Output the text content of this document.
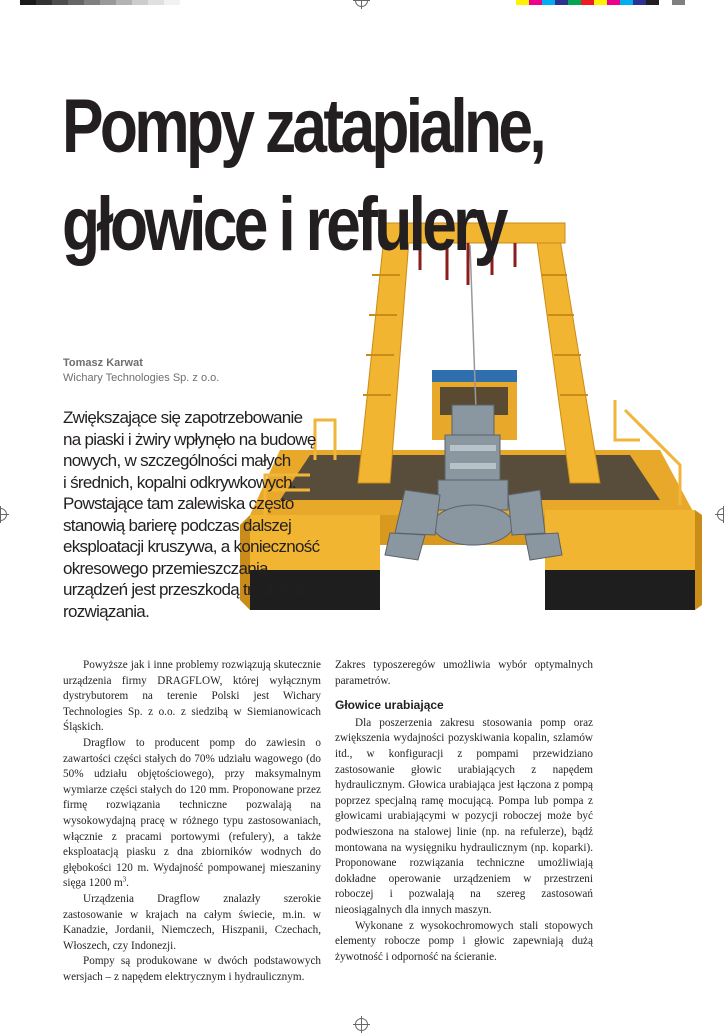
Pompy zatapialne,
głowice i refulery
Tomasz Karwat
Wichary Technologies Sp. z o.o.

Zwiększające się zapotrzebowanie
na piaski i żwiry wpłynęło na budowę
nowych, w szczególności małych
i średnich, kopalni odkrywkowych.
Powstające tam zalewiska często
stanowią barierę podczas dalszej
eksploatacji kruszywa, a konieczność
okresowego przemieszczania
urządzeń jest przeszkodą trudną do
rozwiązania.

Powyższe jak i inne problemy rozwiązują skutecznie urządzenia firmy DRAGFLOW, której wyłącznym dystrybutorem na terenie Polski jest Wichary Technologies Sp. z o.o. z siedzibą w Siemianowicach Śląskich.

Dragflow to producent pomp do zawiesin o zawartości części stałych do 70% udziału wagowego (do 50% udziału objętościowego), przy maksymalnym wymiarze części stałych do 120 mm. Proponowane przez firmę rozwiązania techniczne pozwalają na wysokowydajną pracę w różnego typu zastosowaniach, włącznie z pracami portowymi (refulery), a także eksploatacją piasku z dna zbiorników wodnych do głębokości 120 m. Wydajność pompowanej mieszaniny sięga 1200 $m^3$.

Urządzenia Dragflow znalazły szerokie zastosowanie w krajach na całym świecie, m.in. w Kanadzie, Jordanii, Niemczech, Hiszpanii, Czechach, Włoszech, czy Indonezji.

Pompy są produkowane w dwóch podstawowych wersjach – z napędem elektrycznym i hydraulicznym.

Zakres typoszeregów umożliwia wybór optymalnych parametrów.

Głowice urabiające

Dla poszerzenia zakresu stosowania pomp oraz zwiększenia wydajności pozyskiwania kopalin, szlamów itd., w konfiguracji z pompami przewidziano zastosowanie głowic urabiających z napędem hydraulicznym. Głowica urabiająca jest łączona z pompą poprzez specjalną ramę mocującą. Pompa lub pompa z głowicami urabiającymi w pozycji roboczej może być podwieszona na stalowej linie (np. na refulerze), bądź montowana na wysięgniku hydraulicznym (np. koparki). Proponowane rozwiązania techniczne umożliwiają dokładne operowanie urządzeniem w przestrzeni roboczej i pozwalają na szereg zastosowań nieosiągalnych dla innych maszyn.

Wykonane z wysokochromowych stali stopowych elementy robocze pomp i głowic zapewniają dużą żywotność i odporność na ścieranie.
